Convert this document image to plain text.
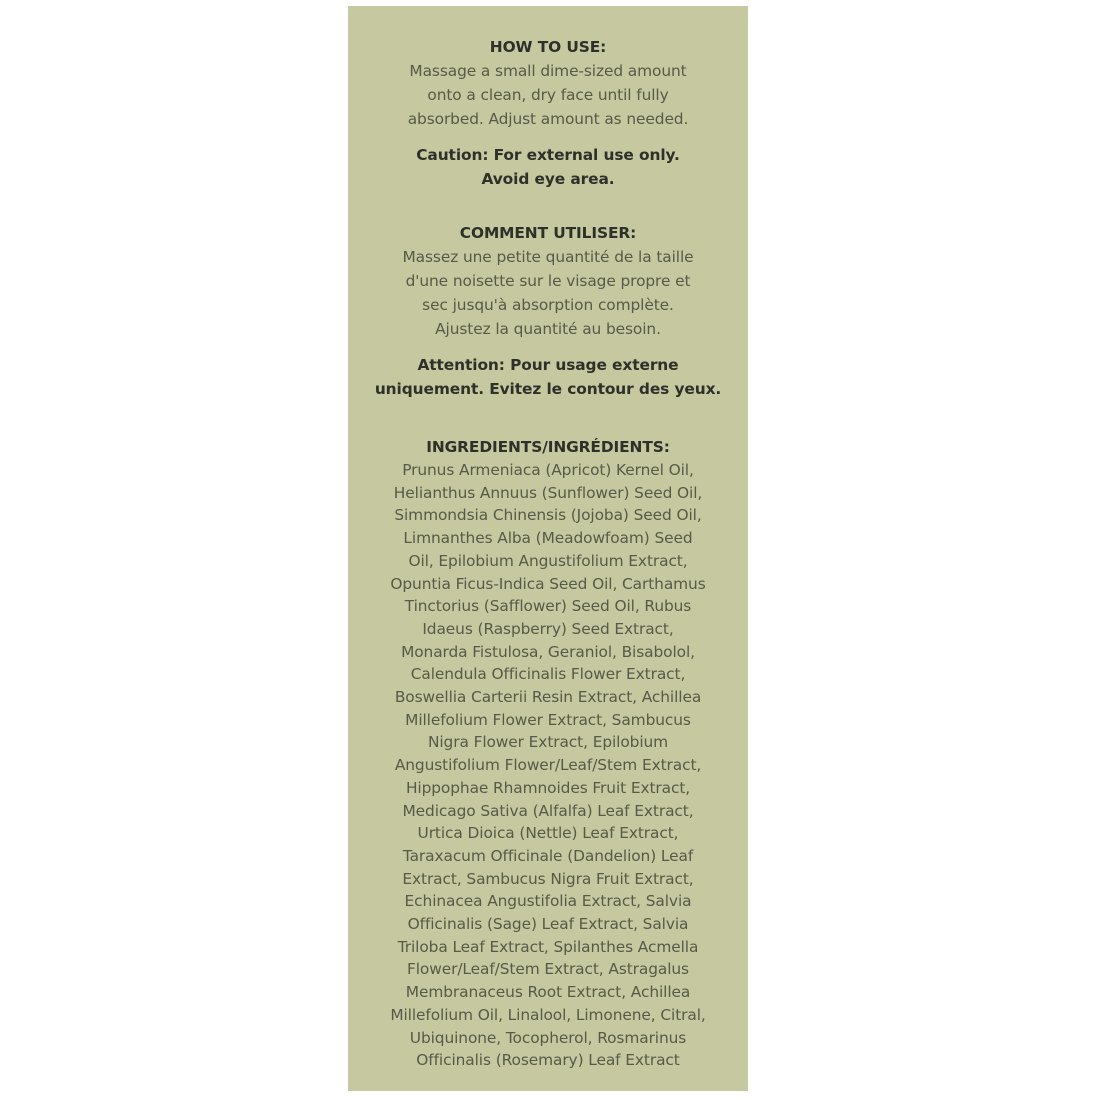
HOW TO USE:
Massage a small dime-sized amount
onto a clean, dry face until fully
absorbed. Adjust amount as needed.
Caution: For external use only.
Avoid eye area.
COMMENT UTILISER:
Massez une petite quantité de la taille
d'une noisette sur le visage propre et
sec jusqu'à absorption complète.
Ajustez la quantité au besoin.
Attention: Pour usage externe
uniquement. Evitez le contour des yeux.
INGREDIENTS/INGRÉDIENTS:
Prunus Armeniaca (Apricot) Kernel Oil,
Helianthus Annuus (Sunflower) Seed Oil,
Simmondsia Chinensis (Jojoba) Seed Oil,
Limnanthes Alba (Meadowfoam) Seed
Oil, Epilobium Angustifolium Extract,
Opuntia Ficus-Indica Seed Oil, Carthamus
Tinctorius (Safflower) Seed Oil, Rubus
Idaeus (Raspberry) Seed Extract,
Monarda Fistulosa, Geraniol, Bisabolol,
Calendula Officinalis Flower Extract,
Boswellia Carterii Resin Extract, Achillea
Millefolium Flower Extract, Sambucus
Nigra Flower Extract, Epilobium
Angustifolium Flower/Leaf/Stem Extract,
Hippophae Rhamnoides Fruit Extract,
Medicago Sativa (Alfalfa) Leaf Extract,
Urtica Dioica (Nettle) Leaf Extract,
Taraxacum Officinale (Dandelion) Leaf
Extract, Sambucus Nigra Fruit Extract,
Echinacea Angustifolia Extract, Salvia
Officinalis (Sage) Leaf Extract, Salvia
Triloba Leaf Extract, Spilanthes Acmella
Flower/Leaf/Stem Extract, Astragalus
Membranaceus Root Extract, Achillea
Millefolium Oil, Linalool, Limonene, Citral,
Ubiquinone, Tocopherol, Rosmarinus
Officinalis (Rosemary) Leaf Extract
